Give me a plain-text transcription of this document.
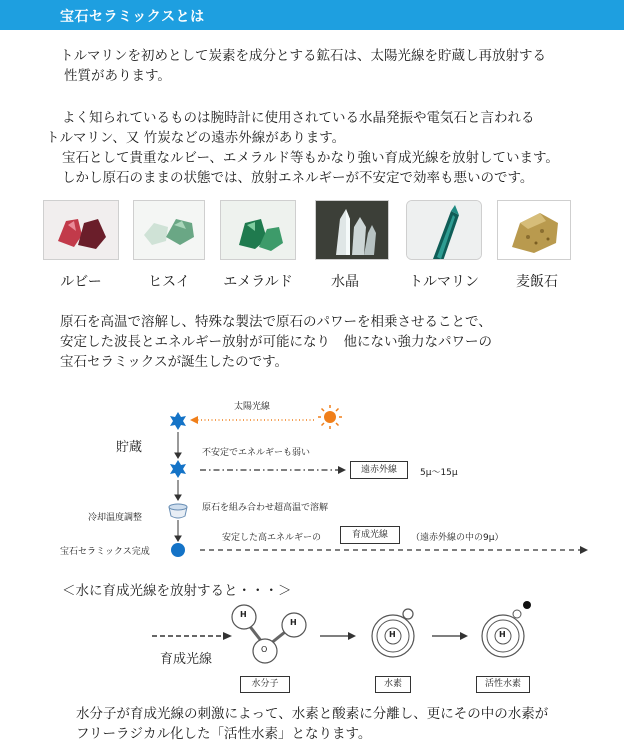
宝石セラミックスとは
トルマリンを初めとして炭素を成分とする鉱石は、太陽光線を貯蔵し再放射する
性質があります。
よく知られているものは腕時計に使用されている水晶発振や電気石と言われる
トルマリン、又 竹炭などの遠赤外線があります。
宝石として貴重なルビー、エメラルド等もかなり強い育成光線を放射しています。
しかし原石のままの状態では、放射エネルギーが不安定で効率も悪いのです。
ルビー	ヒスイ	エメラルド	水晶	トルマリン	麦飯石
原石を高温で溶解し、特殊な製法で原石のパワーを相乗させることで、
安定した波長とエネルギー放射が可能になり　他にない強力なパワーの
宝石セラミックスが誕生したのです。
太陽光線
貯蔵	不安定でエネルギーも弱い
遠赤外線	5μ〜15μ
冷却温度調整
原石を組み合わせ超高温で溶解
安定した高エネルギーの	育成光線	（遠赤外線の中の9μ）
宝石セラミックス完成
＜水に育成光線を放射すると・・・＞
育成光線
H
H
O
H	H
水分子	水素	活性水素
水分子が育成光線の刺激によって、水素と酸素に分離し、更にその中の水素が
フリーラジカル化した「活性水素」となります。
